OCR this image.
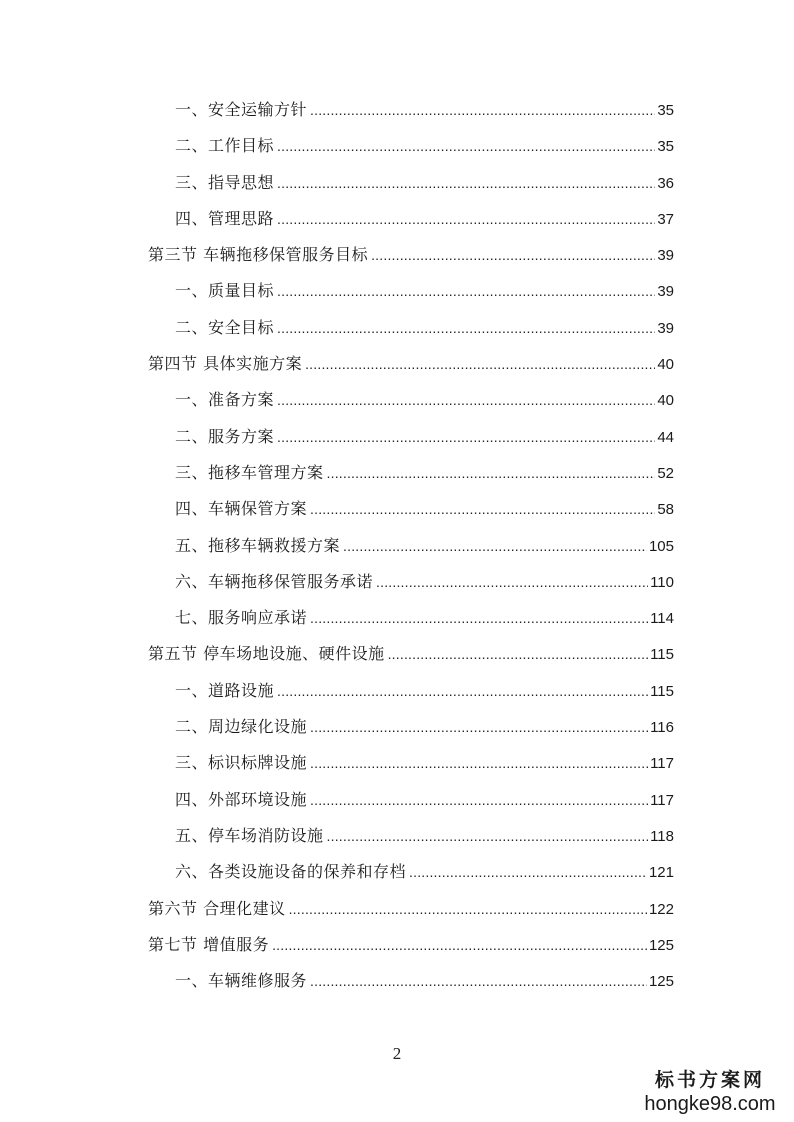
一、安全运输方针 .....	35
二、工作目标 .....	35
三、指导思想 .....	36
四、管理思路 .....	37
第三节 车辆拖移保管服务目标 .....	39
一、质量目标 .....	39
二、安全目标 .....	39
第四节 具体实施方案 .....	40
一、准备方案 .....	40
二、服务方案 .....	44
三、拖移车管理方案 .....	52
四、车辆保管方案 .....	58
五、拖移车辆救援方案 .....	105
六、车辆拖移保管服务承诺 .....	110
七、服务响应承诺 .....	114
第五节 停车场地设施、硬件设施 .....	115
一、道路设施 .....	115
二、周边绿化设施 .....	116
三、标识标牌设施 .....	117
四、外部环境设施 .....	117
五、停车场消防设施 .....	118
六、各类设施设备的保养和存档 .....	121
第六节 合理化建议 .....	122
第七节 增值服务 .....	125
一、车辆维修服务 .....	125
2
标书方案网
hongke98.com
